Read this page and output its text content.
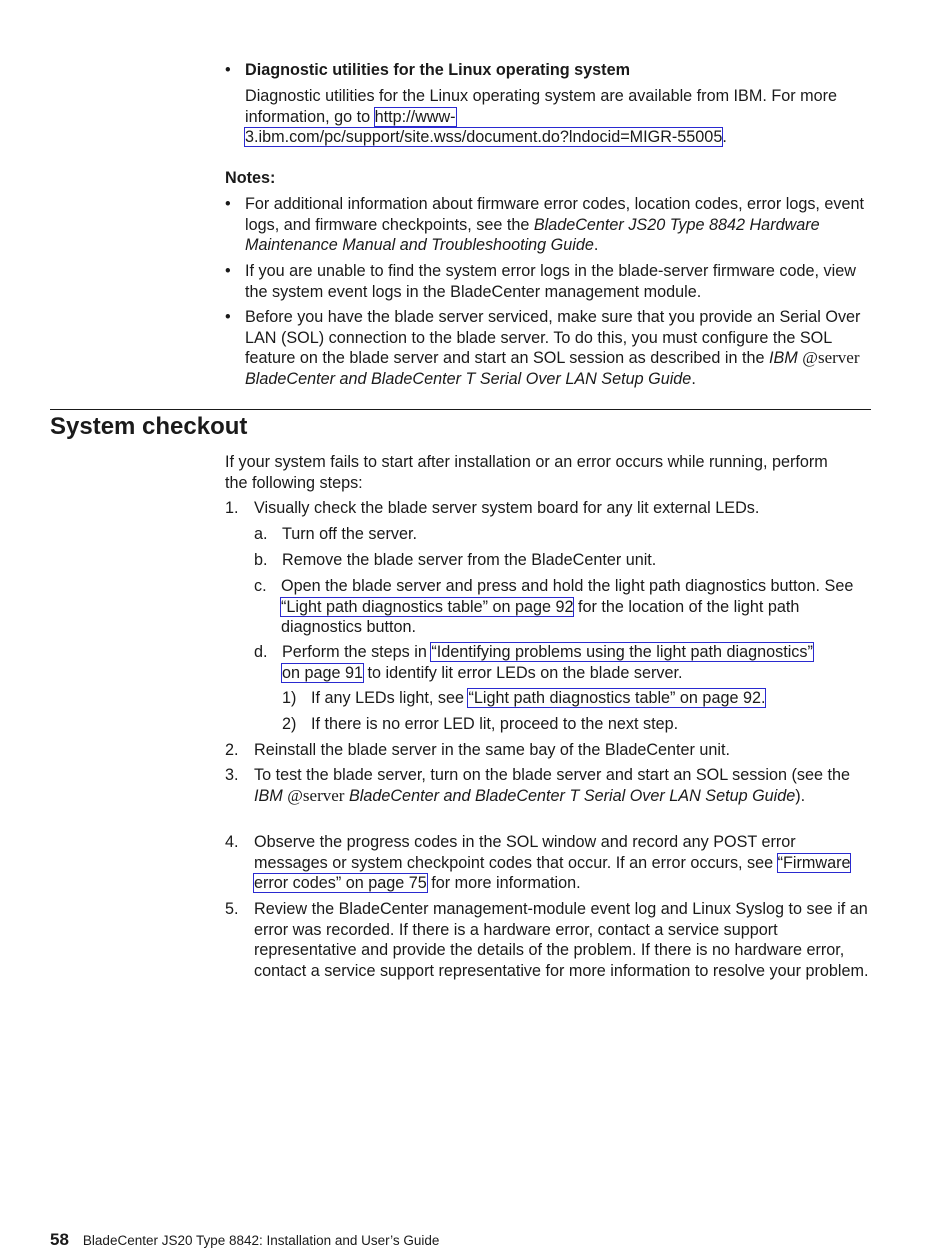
• Diagnostic utilities for the Linux operating system

Diagnostic utilities for the Linux operating system are available from IBM. For more information, go to http://www-
3.ibm.com/pc/support/site.wss/document.do?lndocid=MIGR-55005.

Notes:

• For additional information about firmware error codes, location codes, error logs, event logs, and firmware checkpoints, see the BladeCenter JS20 Type 8842 Hardware Maintenance Manual and Troubleshooting Guide.

• If you are unable to find the system error logs in the blade-server firmware code, view the system event logs in the BladeCenter management module.

• Before you have the blade server serviced, make sure that you provide an Serial Over LAN (SOL) connection to the blade server. To do this, you must configure the SOL feature on the blade server and start an SOL session as described in the IBM @server BladeCenter and BladeCenter T Serial Over LAN Setup Guide.

System checkout

If your system fails to start after installation or an error occurs while running, perform the following steps:

1. Visually check the blade server system board for any lit external LEDs.

a. Turn off the server.

b. Remove the blade server from the BladeCenter unit.

c. Open the blade server and press and hold the light path diagnostics button. See “Light path diagnostics table” on page 92 for the location of the light path diagnostics button.

d. Perform the steps in “Identifying problems using the light path diagnostics”
on page 91 to identify lit error LEDs on the blade server.

1) If any LEDs light, see “Light path diagnostics table” on page 92.

2) If there is no error LED lit, proceed to the next step.

2. Reinstall the blade server in the same bay of the BladeCenter unit.

3. To test the blade server, turn on the blade server and start an SOL session (see the IBM @server BladeCenter and BladeCenter T Serial Over LAN Setup Guide).

4. Observe the progress codes in the SOL window and record any POST error messages or system checkpoint codes that occur. If an error occurs, see “Firmware error codes” on page 75 for more information.

5. Review the BladeCenter management-module event log and Linux Syslog to see if an error was recorded. If there is a hardware error, contact a service support representative and provide the details of the problem. If there is no hardware error, contact a service support representative for more information to resolve your problem.

58 BladeCenter JS20 Type 8842: Installation and User’s Guide
